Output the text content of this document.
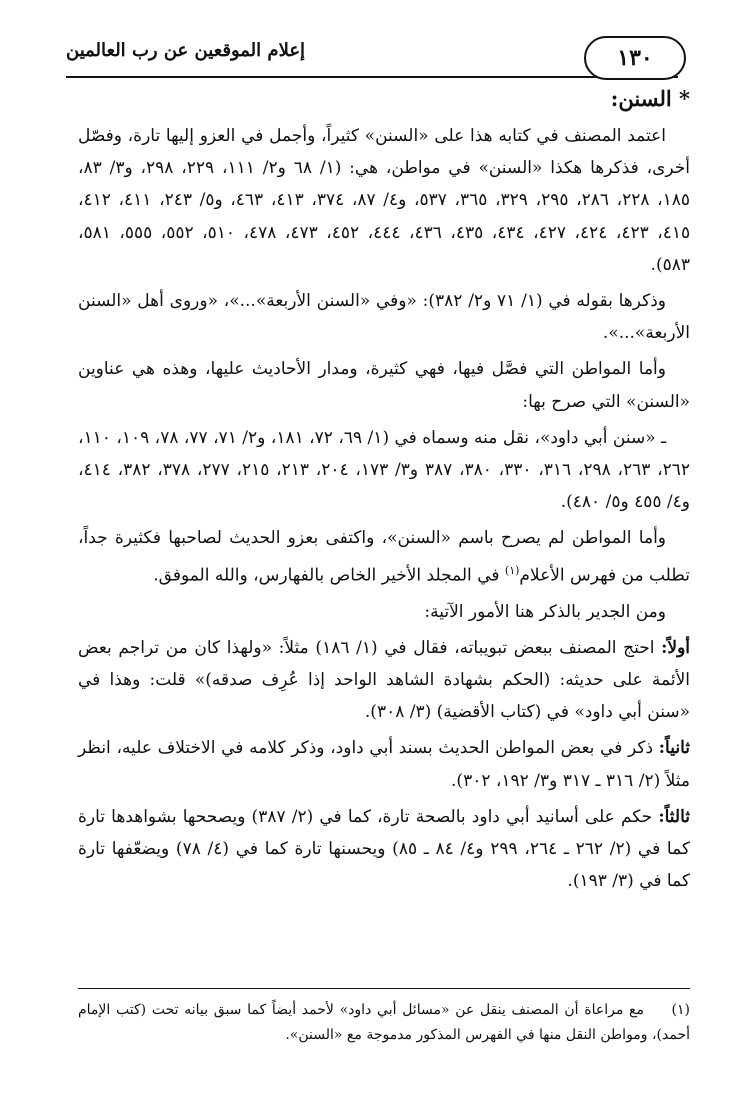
١٣٠
إعلام الموقعين عن رب العالمين
* السنن:

اعتمد المصنف في كتابه هذا على «السنن» كثيراً، وأجمل في العزو إليها تارة، وفصّل أخرى، فذكرها هكذا «السنن» في مواطن، هي: (١/ ٦٨ و٢/ ١١١، ٢٢٩، ٢٩٨، و٣/ ٨٣، ١٨٥، ٢٢٨، ٢٨٦، ٢٩٥، ٣٢٩، ٣٦٥، ٥٣٧، و٤/ ٨٧، ٣٧٤، ٤١٣، ٤٦٣، و٥/ ٢٤٣، ٤١١، ٤١٢، ٤١٥، ٤٢٣، ٤٢٤، ٤٢٧، ٤٣٤، ٤٣٥، ٤٣٦، ٤٤٤، ٤٥٢، ٤٧٣، ٤٧٨، ٥١٠، ٥٥٢، ٥٥٥، ٥٨١، ٥٨٣).

وذكرها بقوله في (١/ ٧١ و٢/ ٣٨٢): «وفي «السنن الأربعة»...»، «وروى أهل «السنن الأربعة»...».

وأما المواطن التي فصَّل فيها، فهي كثيرة، ومدار الأحاديث عليها، وهذه هي عناوين «السنن» التي صرح بها:

ـ «سنن أبي داود»، نقل منه وسماه في (١/ ٦٩، ٧٢، ١٨١، و٢/ ٧١، ٧٧، ٧٨، ١٠٩، ١١٠، ٢٦٢، ٢٦٣، ٢٩٨، ٣١٦، ٣٣٠، ٣٨٠، ٣٨٧ و٣/ ١٧٣، ٢٠٤، ٢١٣، ٢١٥، ٢٧٧، ٣٧٨، ٣٨٢، ٤١٤، و٤/ ٤٥٥ و٥/ ٤٨٠).

وأما المواطن لم يصرح باسم «السنن»، واكتفى بعزو الحديث لصاحبها فكثيرة جداً، تطلب من فهرس الأعلام$^{(١)}$ في المجلد الأخير الخاص بالفهارس، والله الموفق.

ومن الجدير بالذكر هنا الأمور الآتية:

أولاً: احتج المصنف ببعض تبويباته، فقال في (١/ ١٨٦) مثلاً: «ولهذا كان من تراجم بعض الأئمة على حديثه: (الحكم بشهادة الشاهد الواحد إذا عُرِف صدقه)» قلت: وهذا في «سنن أبي داود» في (كتاب الأقضية) (٣/ ٣٠٨).

ثانياً: ذكر في بعض المواطن الحديث بسند أبي داود، وذكر كلامه في الاختلاف عليه، انظر مثلاً (٢/ ٣١٦ ـ ٣١٧ و٣/ ١٩٢، ٣٠٢).

ثالثاً: حكم على أسانيد أبي داود بالصحة تارة، كما في (٢/ ٣٨٧) ويصححها بشواهدها تارة كما في (٢/ ٢٦٢ ـ ٢٦٤، ٢٩٩ و٤/ ٨٤ ـ ٨٥) ويحسنها تارة كما في (٤/ ٧٨) ويضعّفها تارة كما في (٣/ ١٩٣).

(١)مع مراعاة أن المصنف ينقل عن «مسائل أبي داود» لأحمد أيضاً كما سبق بيانه تحت (كتب الإمام أحمد)، ومواطن النقل منها في الفهرس المذكور مدموجة مع «السنن».
